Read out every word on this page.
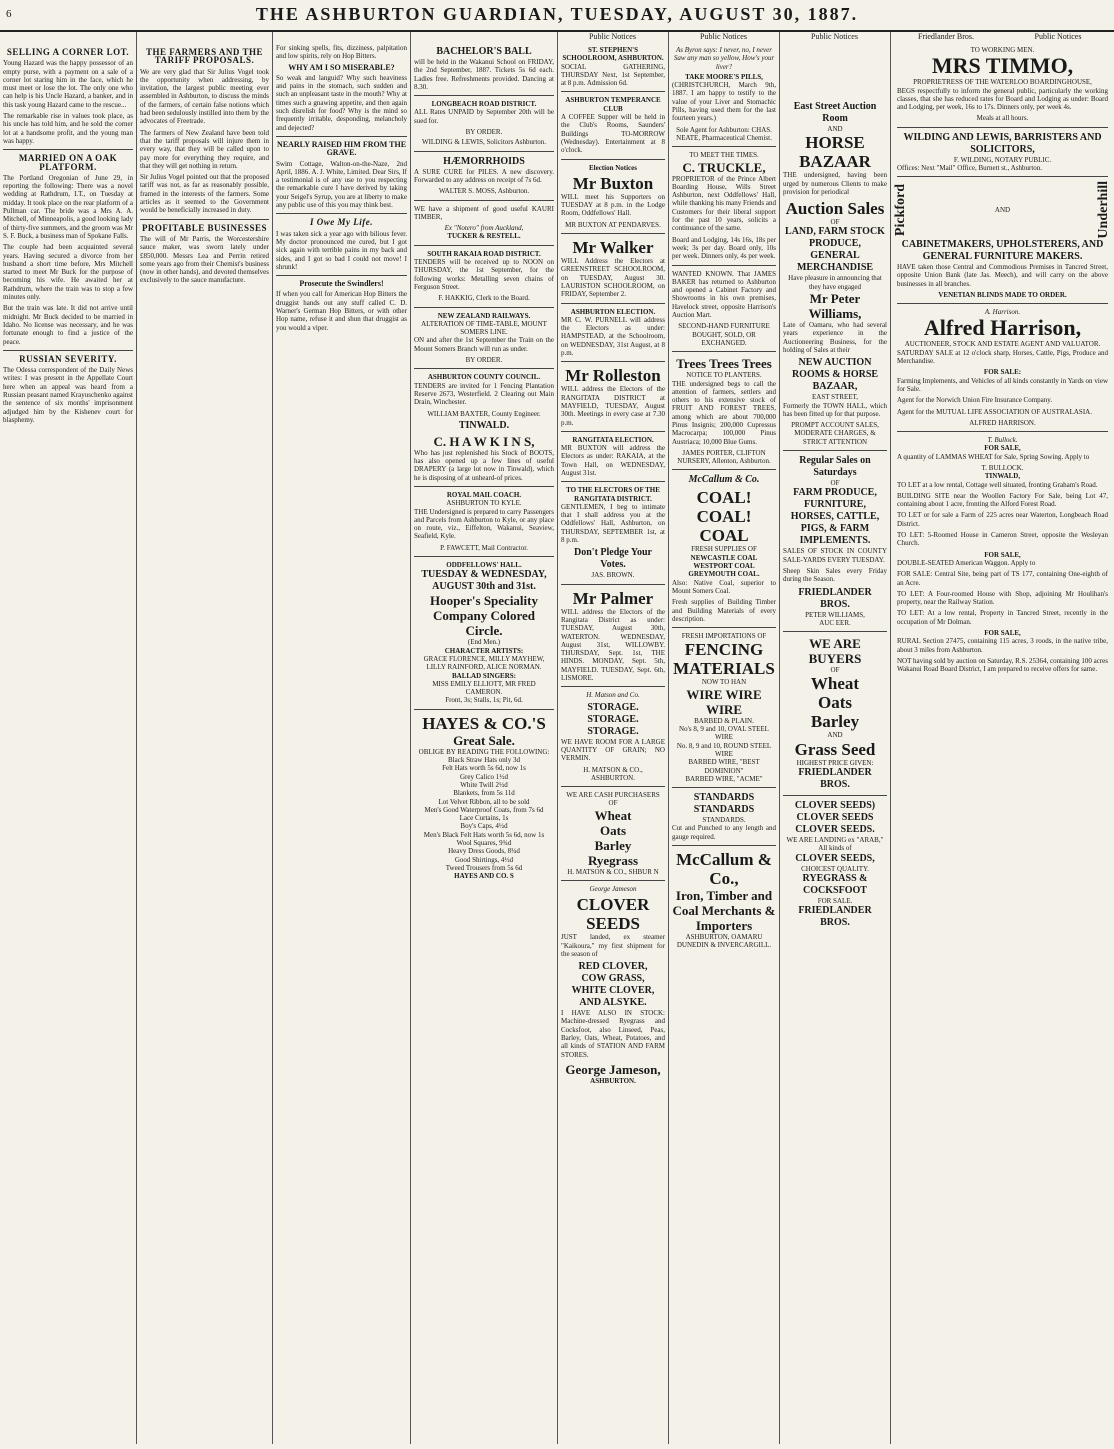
6	THE ASHBURTON GUARDIAN, TUESDAY, AUGUST 30, 1887.
Public Notices	Public Notices	Public Notices	Friedlander Bros.	Public Notices
SELLING A CORNER LOT.

Young Hazard was the happy possessor of an empty purse, with a payment on a sale of a corner lot staring him in the face, which he must meet or lose the lot. The only one who can help is his Uncle Hazard, a banker, and in this task young Hazard came to the rescue...

The remarkable rise in values took place, as his uncle has told him, and he sold the corner lot at a handsome profit, and the young man was happy.

MARRIED ON A OAK PLATFORM.

The Portland Oregonian of June 29, in reporting the following: There was a novel wedding at Rathdrum, I.T., on Tuesday at midday. It took place on the rear platform of a Pullman car. The bride was a Mrs A. A. Mitchell, of Minneapolis, a good looking lady of thirty-five summers, and the groom was Mr S. F. Buck, a business man of Spokane Falls.

The couple had been acquainted several years. Having secured a divorce from her husband a short time before, Mrs Mitchell started to meet Mr Buck for the purpose of becoming his wife. He awaited her at Rathdrum, where the train was to stop a few minutes only.

But the train was late. It did not arrive until midnight. Mr Buck decided to be married in Idaho. No license was necessary, and he was fortunate enough to find a justice of the peace.

RUSSIAN SEVERITY.

The Odessa correspondent of the Daily News writes: I was present in the Appellate Court here when an appeal was heard from a Russian peasant named Krayuschenko against the sentence of six months' imprisonment adjudged him by the Kishenev court for blasphemy.

THE FARMERS AND THE TARIFF PROPOSALS.

We are very glad that Sir Julius Vogel took the opportunity when addressing, by invitation, the largest public meeting ever assembled in Ashburton, to discuss the minds of the farmers, of certain false notions which had been sedulously instilled into them by the advocates of Freetrade.

The farmers of New Zealand have been told that the tariff proposals will injure them in every way, that they will be called upon to pay more for everything they require, and that they will get nothing in return.

Sir Julius Vogel pointed out that the proposed tariff was not, as far as reasonably possible, framed in the interests of the farmers. Some articles as it seemed to the Government would be beneficially increased in duty.

PROFITABLE BUSINESSES

The will of Mr Parris, the Worcestershire sauce maker, was sworn lately under £850,000. Messrs Lea and Perrin retired some years ago from their Chemist's business (now in other hands), and devoted themselves exclusively to the sauce manufacture.

For sinking spells, fits, dizziness, palpitation and low spirits, rely on Hop Bitters.

WHY AM I SO MISERABLE?

So weak and languid? Why such heaviness and pains in the stomach, such sudden and such an unpleasant taste in the mouth? Why at times such a gnawing appetite, and then again such disrelish for food? Why is the mind so frequently irritable, desponding, melancholy and dejected?

NEARLY RAISED HIM FROM THE GRAVE.

Swim Cottage, Walton-on-the-Naze, 2nd April, 1886. A. J. White, Limited. Dear Sirs, If a testimonial is of any use to you respecting the remarkable cure I have derived by taking your Seigel's Syrup, you are at liberty to make any public use of this you may think best.

I Owe My Life.

I was taken sick a year ago with bilious fever. My doctor pronounced me cured, but I got sick again with terrible pains in my back and sides, and I got so bad I could not move! I shrunk!

Prosecute the Swindlers!

If when you call for American Hop Bitters the druggist hands out any stuff called C. D. Warner's German Hop Bitters, or with other Hop name, refuse it and shun that druggist as you would a viper.

BACHELOR'S BALL

will be held in the Wakanui School on FRIDAY, the 2nd September, 1887. Tickets 5s 6d each. Ladies free. Refreshments provided. Dancing at 8.30.

LONGBEACH ROAD DISTRICT.

ALL Rates UNPAID by September 20th will be sued for.

BY ORDER.
WILDING & LEWIS, Solicitors Ashburton.
HÆMORRHOIDS

A SURE CURE for PILES. A new discovery. Forwarded to any address on receipt of 7s 6d.

WALTER S. MOSS, Ashburton.

WE have a shipment of good useful KAURI TIMBER,

Ex "Notero" from Auckland,
TUCKER & RESTELL.
SOUTH RAKAIA ROAD DISTRICT.

TENDERS will be received up to NOON on THURSDAY, the 1st September, for the following works: Metalling seven chains of Ferguson Street.

F. HAKKIG, Clerk to the Board.
NEW ZEALAND RAILWAYS.
ALTERATION OF TIME-TABLE, MOUNT SOMERS LINE.

ON and after the 1st September the Train on the Mount Somers Branch will run as under.

BY ORDER.
ASHBURTON COUNTY COUNCIL.

TENDERS are invited for 1 Fencing Plantation Reserve 2673, Westerfield. 2 Clearing out Main Drain, Winchester.

WILLIAM BAXTER, County Engineer.
TINWALD.
C. H A W K I N S,

Who has just replenished his Stock of BOOTS, has also opened up a few lines of useful DRAPERY (a large lot now in Tinwald), which he is disposing of at unheard-of prices.

ROYAL MAIL COACH.
ASHBURTON TO KYLE.

THE Undersigned is prepared to carry Passengers and Parcels from Ashburton to Kyle, or any place on route, viz., Eiffelton, Wakanui, Seaview, Seafield, Kyle.

P. FAWCETT, Mail Contractor.
ODDFELLOWS' HALL.
TUESDAY & WEDNESDAY,
AUGUST 30th and 31st.
Hooper's Speciality Company Colored Circle.
(End Men.)
CHARACTER ARTISTS:
GRACE FLORENCE, MILLY MAYHEW, LILLY RAINFORD, ALICE NORMAN.
BALLAD SINGERS:
MISS EMILY ELLIOTT, MR FRED CAMERON.
Front, 3s; Stalls, 1s; Pit, 6d.
HAYES & CO.'S
Great Sale.
OBLIGE BY READING THE FOLLOWING:
Black Straw Hats only 3d
Felt Hats worth 5s 6d, now 1s
Grey Calico 1½d
White Twill 2½d
Blankets, from 5s 11d
Lot Velvet Ribbon, all to be sold
Men's Good Waterproof Coats, from 7s 6d
Lace Curtains, 1s
Boy's Caps, 4½d
Men's Black Felt Hats worth 5s 6d, now 1s
Wool Squares, 9¾d
Heavy Dress Goods, 8¾d
Good Shirtings, 4½d
Tweed Trousers from 5s 6d
HAYES AND CO. S
ST. STEPHEN'S SCHOOLROOM, ASHBURTON.

SOCIAL GATHERING, THURSDAY Next, 1st September, at 8 p.m. Admission 6d.

ASHBURTON TEMPERANCE CLUB

A COFFEE Supper will be held in the Club's Rooms, Saunders' Buildings TO-MORROW (Wednesday). Entertainment at 8 o'clock.

Election Notices
Mr Buxton

WILL meet his Supporters on TUESDAY at 8 p.m. in the Lodge Room, Oddfellows' Hall.

MR BUXTON AT PENDARVES.
Mr Walker

WILL Address the Electors at GREENSTREET SCHOOLROOM, on TUESDAY, August 30. LAURISTON SCHOOLROOM, on FRIDAY, September 2.

ASHBURTON ELECTION.

MR C. W. PURNELL will address the Electors as under: HAMPSTEAD, at the Schoolroom, on WEDNESDAY, 31st August, at 8 p.m.

Mr Rolleston

WILL address the Electors of the RANGITATA DISTRICT at MAYFIELD, TUESDAY, August 30th. Meetings in every case at 7.30 p.m.

RANGITATA ELECTION.

MR BUXTON will address the Electors as under: RAKAIA, at the Town Hall, on WEDNESDAY, August 31st.

TO THE ELECTORS OF THE RANGITATA DISTRICT.

GENTLEMEN, I beg to intimate that I shall address you at the Oddfellows' Hall, Ashburton, on THURSDAY, SEPTEMBER 1st, at 8 p.m.

Don't Pledge Your Votes.
JAS. BROWN.
Mr Palmer

WILL address the Electors of the Rangitata District as under: TUESDAY, August 30th, WATERTON. WEDNESDAY, August 31st, WILLOWBY. THURSDAY, Sept. 1st, THE HINDS. MONDAY, Sept. 5th, MAYFIELD. TUESDAY, Sept. 6th, LISMORE.

H. Matson and Co.
STORAGE. STORAGE. STORAGE.

WE HAVE ROOM FOR A LARGE QUANTITY OF GRAIN; NO VERMIN.

H. MATSON & CO., ASHBURTON.
WE ARE CASH PURCHASERS OF
Wheat
Oats
Barley
Ryegrass
H. MATSON & CO., SHBUR N
George Jameson
CLOVER SEEDS

JUST landed, ex steamer "Kaikoura," my first shipment for the season of

RED CLOVER,
COW GRASS,
WHITE CLOVER,
AND ALSYKE.

I HAVE ALSO IN STOCK: Machine-dressed Ryegrass and Cocksfoot, also Linseed, Peas, Barley, Oats, Wheat, Potatoes, and all kinds of STATION AND FARM STORES.

George Jameson,
ASHBURTON.
As Byron says: I never, no, I never Saw any man so yellow, How's your liver?
TAKE MOORE'S PILLS,

(CHRISTCHURCH, March 9th, 1887. I am happy to testify to the value of your Liver and Stomachic Pills, having used them for the last fourteen years.)

Sole Agent for Ashburton: CHAS. NEATE, Pharmaceutical Chemist.
TO MEET THE TIMES.
C. TRUCKLE,

PROPRIETOR of the Prince Albert Boarding House, Wills Street Ashburton, next Oddfellows' Hall, while thanking his many Friends and Customers for their liberal support for the past 10 years, solicits a continuance of the same.

Board and Lodging, 14s 16s, 18s per week; 3s per day. Board only, 10s per week. Dinners only, 4s per week.

WANTED KNOWN. That JAMES BAKER has returned to Ashburton and opened a Cabinet Factory and Showrooms in his own premises, Havelock street, opposite Harrison's Auction Mart.

SECOND-HAND FURNITURE BOUGHT, SOLD, OR EXCHANGED.
Trees Trees Trees
NOTICE TO PLANTERS.

THE undersigned begs to call the attention of farmers, settlers and others to his extensive stock of FRUIT AND FOREST TREES, among which are about 700,000 Pinus Insignis; 200,000 Cupressus Macrocarpa; 100,000 Pinus Austriaca; 10,000 Blue Gums.

JAMES PORTER, CLIFTON NURSERY, Allenton, Ashburton.
McCallum & Co.
COAL! COAL! COAL
FRESH SUPPLIES OF
NEWCASTLE COAL
WESTPORT COAL
GREYMOUTH COAL.

Also: Native Coal, superior to Mount Somers Coal.

Fresh supplies of Building Timber and Building Materials of every description.

FRESH IMPORTATIONS OF
FENCING MATERIALS
NOW TO HAN
WIRE WIRE WIRE
BARBED & PLAIN.
No's 8, 9 and 10, OVAL STEEL WIRE
No. 8, 9 and 10, ROUND STEEL WIRE
BARBED WIRE, "BEST DOMINION"
BARBED WIRE, "ACME"
STANDARDS STANDARDS
STANDARDS.

Cut and Punched to any length and gauge required.

McCallum & Co.,
Iron, Timber and Coal Merchants & Importers
ASHBURTON, OAMARU DUNEDIN & INVERCARGILL.
East Street Auction Room
AND
HORSE BAZAAR

THE undersigned, having been urged by numerous Clients to make provision for periodical

Auction Sales
OF
LAND, FARM STOCK PRODUCE,
GENERAL MERCHANDISE
Have pleasure in announcing that they have engaged
Mr Peter Williams,

Late of Oamaru, who had several years experience in the Auctioneering Business, for the holding of Sales at their

NEW AUCTION ROOMS & HORSE BAZAAR,
EAST STREET,

Formerly the TOWN HALL, which has been fitted up for that purpose.

PROMPT ACCOUNT SALES, MODERATE CHARGES, & STRICT ATTENTION
Regular Sales on Saturdays
OF
FARM PRODUCE, FURNITURE, HORSES, CATTLE, PIGS, & FARM IMPLEMENTS.

SALES OF STOCK IN COUNTY SALE-YARDS EVERY TUESDAY.

Sheep Skin Sales every Friday during the Season.

FRIEDLANDER BROS.
PETER WILLIAMS,
AUC EER.
WE ARE BUYERS
OF
Wheat
Oats
Barley
AND
Grass Seed
HIGHEST PRICE GIVEN:
FRIEDLANDER BROS.
CLOVER SEEDS)
CLOVER SEEDS
CLOVER SEEDS.
WE ARE LANDING ex "ARAB,"
All kinds of
CLOVER SEEDS,
CHOICEST QUALITY.
RYEGRASS & COCKSFOOT
FOR SALE.
FRIEDLANDER BROS.
TO WORKING MEN.
MRS TIMMO,
PROPRIETRESS OF THE WATERLOO BOARDINGHOUSE,

BEGS respectfully to inform the general public, particularly the working classes, that she has reduced rates for Board and Lodging as under: Board and Lodging, per week, 16s to 17s. Dinners only, per week 4s.

Meals at all hours.
WILDING AND LEWIS, BARRISTERS AND SOLICITORS,
F. WILDING, NOTARY PUBLIC.

Offices: Next "Mail" Office, Burnett st., Ashburton.

Pickford	AND	Underhill
CABINETMAKERS, UPHOLSTERERS, AND GENERAL FURNITURE MAKERS.

HAVE taken those Central and Commodious Premises in Tancred Street, opposite Union Bank (late Jas. Meech), and will carry on the above businesses in all branches.

VENETIAN BLINDS MADE TO ORDER.
A. Harrison.
Alfred Harrison,
AUCTIONEER, STOCK AND ESTATE AGENT AND VALUATOR.

SATURDAY SALE at 12 o'clock sharp, Horses, Cattle, Pigs, Produce and Merchandise.

FOR SALE:

Farming Implements, and Vehicles of all kinds constantly in Yards on view for Sale.

Agent for the Norwich Union Fire Insurance Company.

Agent for the MUTUAL LIFE ASSOCIATION OF AUSTRALASIA.

ALFRED HARRISON.
T. Bullock.
FOR SALE,

A quantity of LAMMAS WHEAT for Sale, Spring Sowing. Apply to

T. BULLOCK.
TINWALD,

TO LET at a low rental, Cottage well situated, fronting Graham's Road.

BUILDING SITE near the Woollen Factory For Sale, being Lot 47, containing about 1 acre, fronting the Alford Forest Road.

TO LET or for sale a Farm of 225 acres near Waterton, Longbeach Road District.

TO LET: 5-Roomed House in Cameron Street, opposite the Wesleyan Church.

FOR SALE,

DOUBLE-SEATED American Waggon. Apply to

FOR SALE: Central Site, being part of TS 177, containing One-eighth of an Acre.

TO LET: A Four-roomed House with Shop, adjoining Mr Houlihan's property, near the Railway Station.

TO LET: At a low rental, Property in Tancred Street, recently in the occupation of Mr Dolman.

FOR SALE,

RURAL Section 27475, containing 115 acres, 3 roods, in the native tribe, about 3 miles from Ashburton.

NOT having sold by auction on Saturday, R.S. 25364, containing 100 acres Wakanui Road Board District, I am prepared to receive offers for same.
